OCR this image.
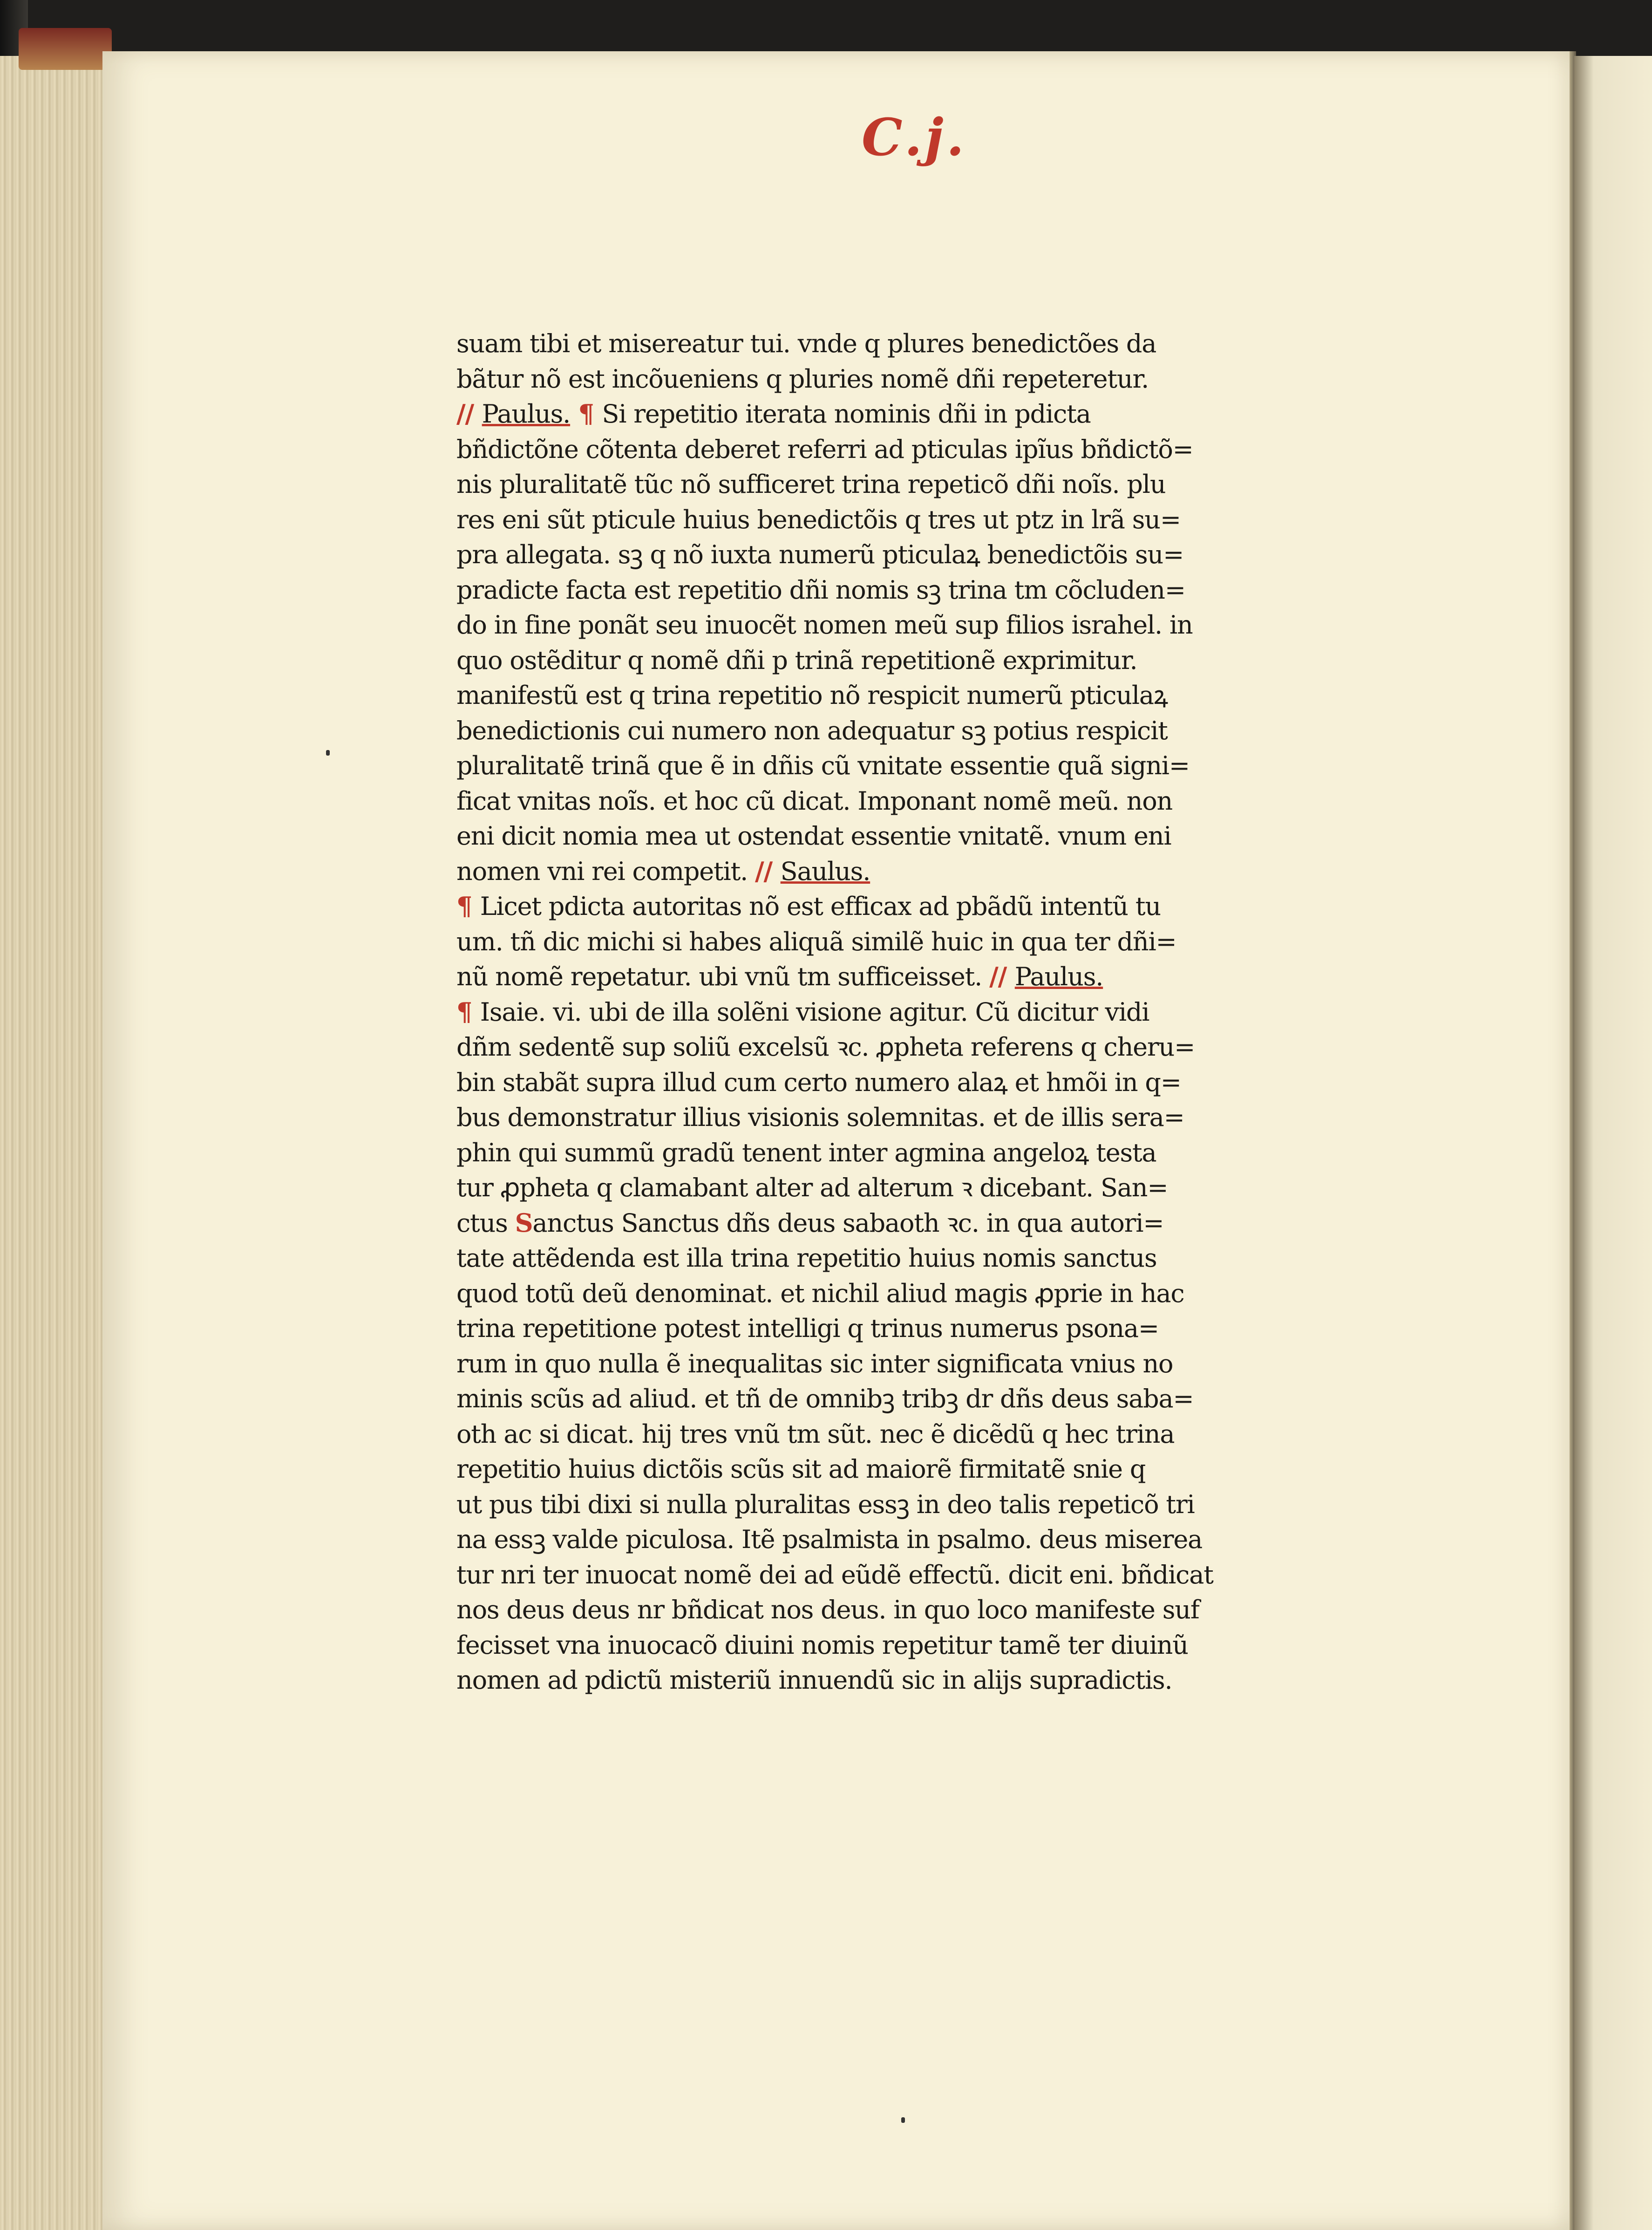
C.j.
suam tibi et misereatur tui. vnde q plures benedictões da
bãtur nõ est incõueniens q pluries nomẽ dñi repeteretur.
// Paulus. ¶ Si repetitio iterata nominis dñi in pdicta
bñdictõne cõtenta deberet referri ad pticulas ipĩus bñdictõ=
nis pluralitatẽ tũc nõ sufficeret trina repeticõ dñi noĩs. plu
res eni sũt pticule huius benedictõis q tres ut ptz in lrã su=
pra allegata. sꝫ q nõ iuxta numerũ pticulaꝝ benedictõis su=
pradicte facta est repetitio dñi nomis sꝫ trina tm cõcluden=
do in fine ponãt seu inuocẽt nomen meũ sup filios israhel. in
quo ostẽditur q nomẽ dñi p trinã repetitionẽ exprimitur.
manifestũ est q trina repetitio nõ respicit numerũ pticulaꝝ
benedictionis cui numero non adequatur sꝫ potius respicit
pluralitatẽ trinã que ẽ in dñis cũ vnitate essentie quã signi=
ficat vnitas noĩs. et hoc cũ dicat. Imponant nomẽ meũ. non
eni dicit nomia mea ut ostendat essentie vnitatẽ. vnum eni
nomen vni rei competit. // Saulus.
¶ Licet pdicta autoritas nõ est efficax ad pbãdũ intentũ tu
um. tñ dic michi si habes aliquã similẽ huic in qua ter dñi=
nũ nomẽ repetatur. ubi vnũ tm sufficeisset. // Paulus.
¶ Isaie. vi. ubi de illa solẽni visione agitur. Cũ dicitur vidi
dñm sedentẽ sup soliũ excelsũ ꝛc. ꝓpheta referens q cheru=
bin stabãt supra illud cum certo numero alaꝝ et hmõi in q=
bus demonstratur illius visionis solemnitas. et de illis sera=
phin qui summũ gradũ tenent inter agmina angeloꝝ testa
tur ꝓpheta q clamabant alter ad alterum ꝛ dicebant. San=
ctus Sanctus Sanctus dñs deus sabaoth ꝛc. in qua autori=
tate attẽdenda est illa trina repetitio huius nomis sanctus
quod totũ deũ denominat. et nichil aliud magis ꝓprie in hac
trina repetitione potest intelligi q trinus numerus psona=
rum in quo nulla ẽ inequalitas sic inter significata vnius no
minis scũs ad aliud. et tñ de omnibꝫ tribꝫ dr dñs deus saba=
oth ac si dicat. hij tres vnũ tm sũt. nec ẽ dicẽdũ q hec trina
repetitio huius dictõis scũs sit ad maiorẽ firmitatẽ snie q
ut pus tibi dixi si nulla pluralitas essꝫ in deo talis repeticõ tri
na essꝫ valde piculosa. Itẽ psalmista in psalmo. deus miserea
tur nri ter inuocat nomẽ dei ad eũdẽ effectũ. dicit eni. bñdicat
nos deus deus nr bñdicat nos deus. in quo loco manifeste suf
fecisset vna inuocacõ diuini nomis repetitur tamẽ ter diuinũ
nomen ad pdictũ misteriũ innuendũ sic in alijs supradictis.
